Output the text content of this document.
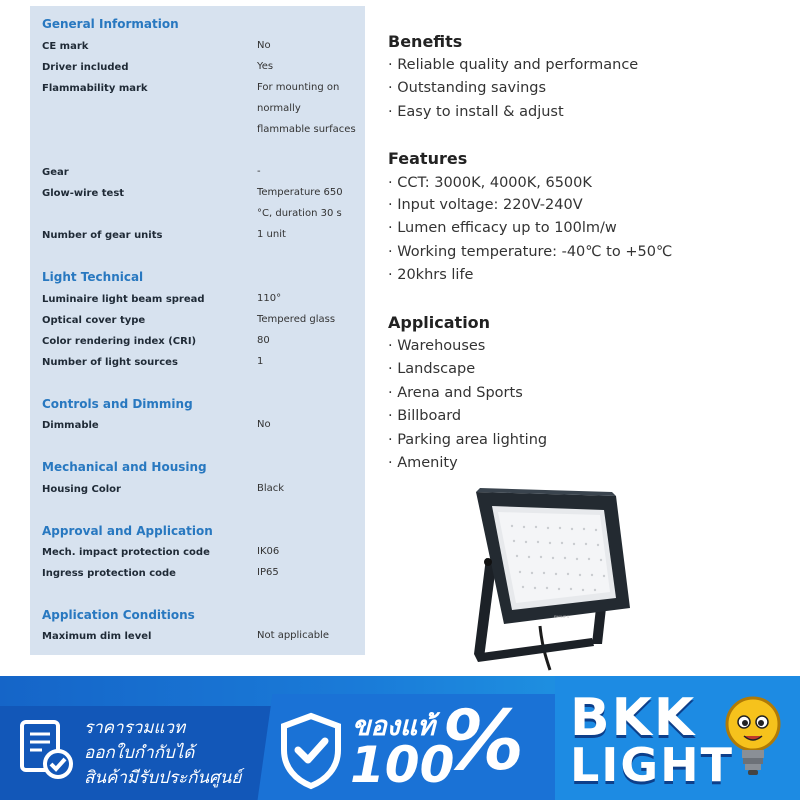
General Information
CE mark	No
Driver included	Yes
Flammability mark	For mounting on normally flammable surfaces
Gear	-
Glow-wire test	Temperature 650 °C, duration 30 s
Number of gear units	1 unit
Light Technical
Luminaire light beam spread	110°
Optical cover type	Tempered glass
Color rendering index (CRI)	80
Number of light sources	1
Controls and Dimming
Dimmable	No
Mechanical and Housing
Housing Color	Black
Approval and Application
Mech. impact protection code	IK06
Ingress protection code	IP65
Application Conditions
Maximum dim level	Not applicable
Benefits
· Reliable quality and performance
· Outstanding savings
· Easy to install & adjust
Features
· CCT: 3000K, 4000K, 6500K
· Input voltage: 220V-240V
· Lumen efficacy up to 100lm/w
· Working temperature: -40℃ to +50℃
· 20khrs life
Application
· Warehouses
· Landscape
· Arena and Sports
· Billboard
· Parking area lighting
· Amenity
PHILIPS
ราคารวมแวท
ออกใบกำกับได้
สินค้ามีรับประกันศูนย์
ของแท้
100
% BKK
LIGHT
